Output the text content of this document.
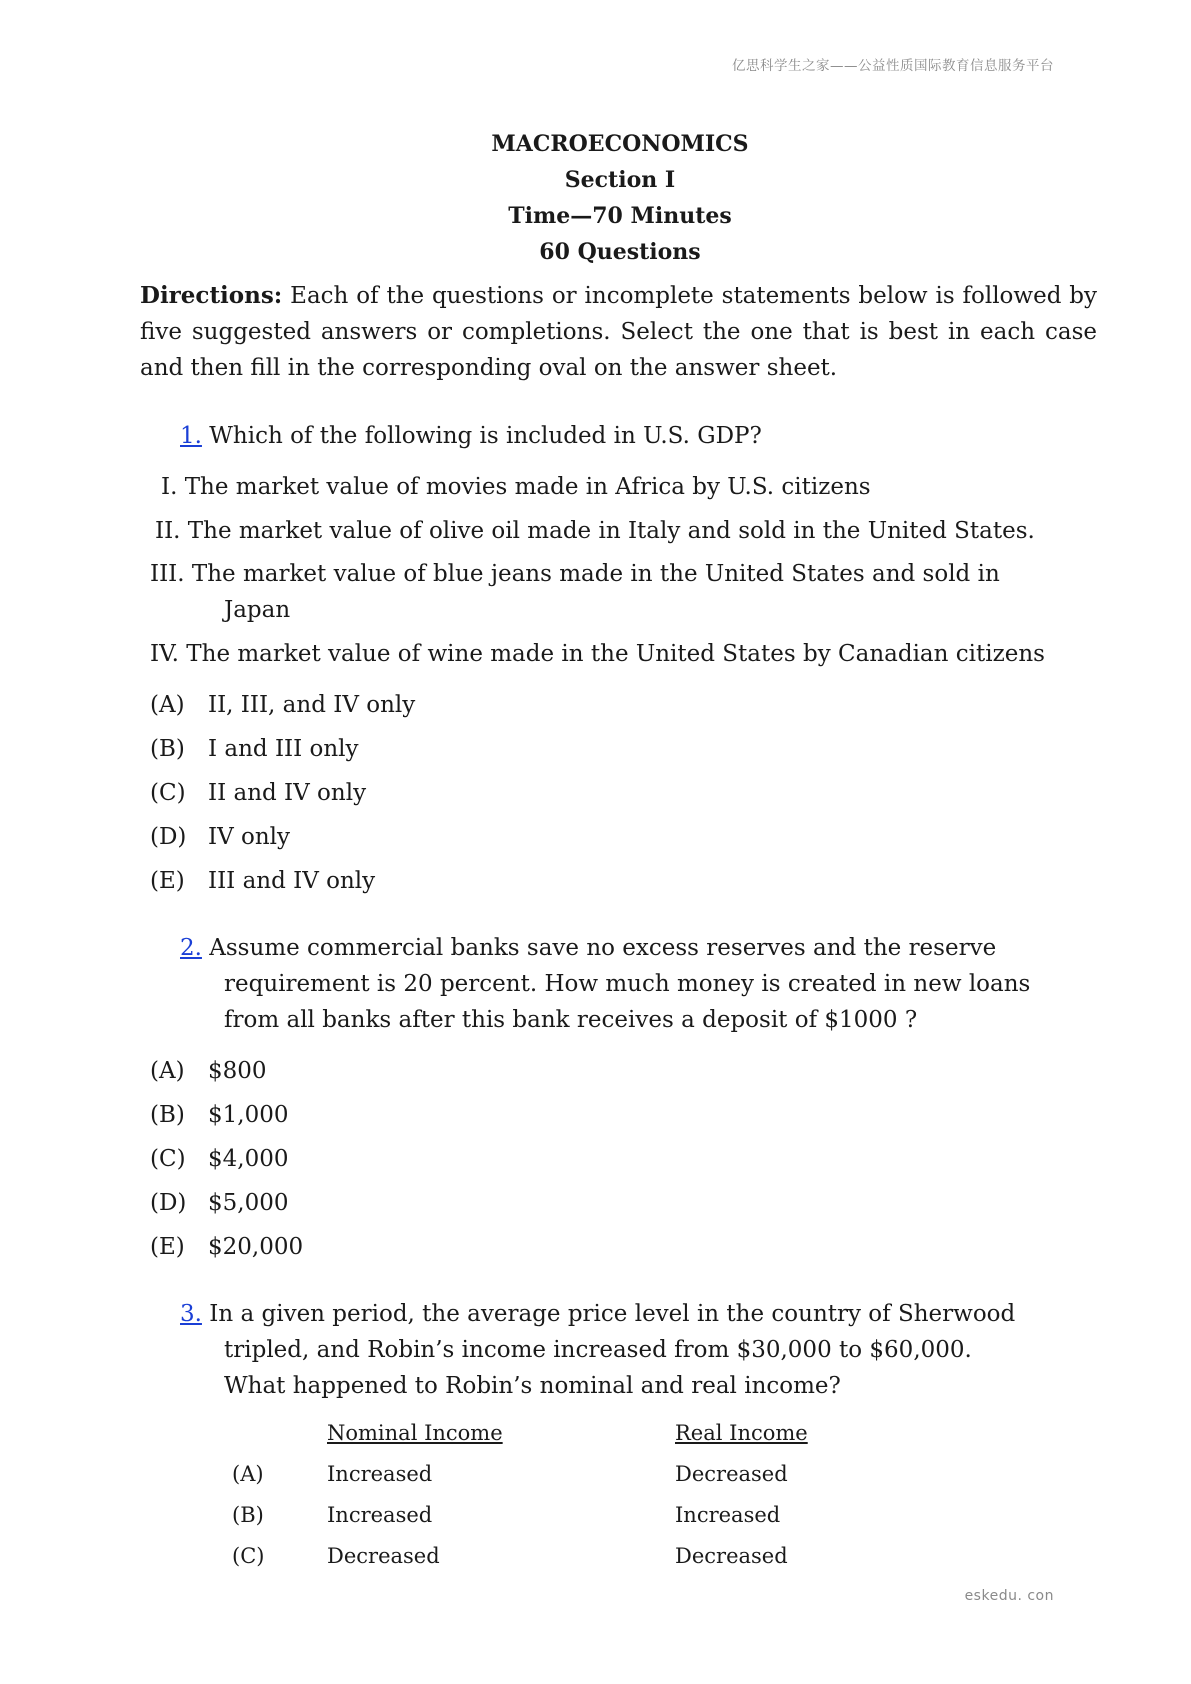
亿思科学生之家——公益性质国际教育信息服务平台
MACROECONOMICS
Section I
Time—70 Minutes
60 Questions

Directions: Each of the questions or incomplete statements below is followed by five suggested answers or completions. Select the one that is best in each case and then fill in the corresponding oval on the answer sheet.

1. Which of the following is included in U.S. GDP?

I. The market value of movies made in Africa by U.S. citizens

II. The market value of olive oil made in Italy and sold in the United States.

III. The market value of blue jeans made in the United States and sold in
Japan

IV. The market value of wine made in the United States by Canadian citizens

(A)	II, III, and IV only
(B)	I and III only
(C) II and IV only
(D) IV only
(E)	III and IV only

2. Assume commercial banks save no excess reserves and the reserve
requirement is 20 percent. How much money is created in new loans
from all banks after this bank receives a deposit of $1000 ?

(A)	$800
(B)	$1,000
(C) $4,000
(D) $5,000
(E)	$20,000

3. In a given period, the average price level in the country of Sherwood
tripled, and Robin’s income increased from $30,000 to $60,000.
What happened to Robin’s nominal and real income?

Nominal Income	Real Income
(A)	Increased	Decreased
(B)	Increased	Increased
(C)	Decreased	Decreased
eskedu. con
